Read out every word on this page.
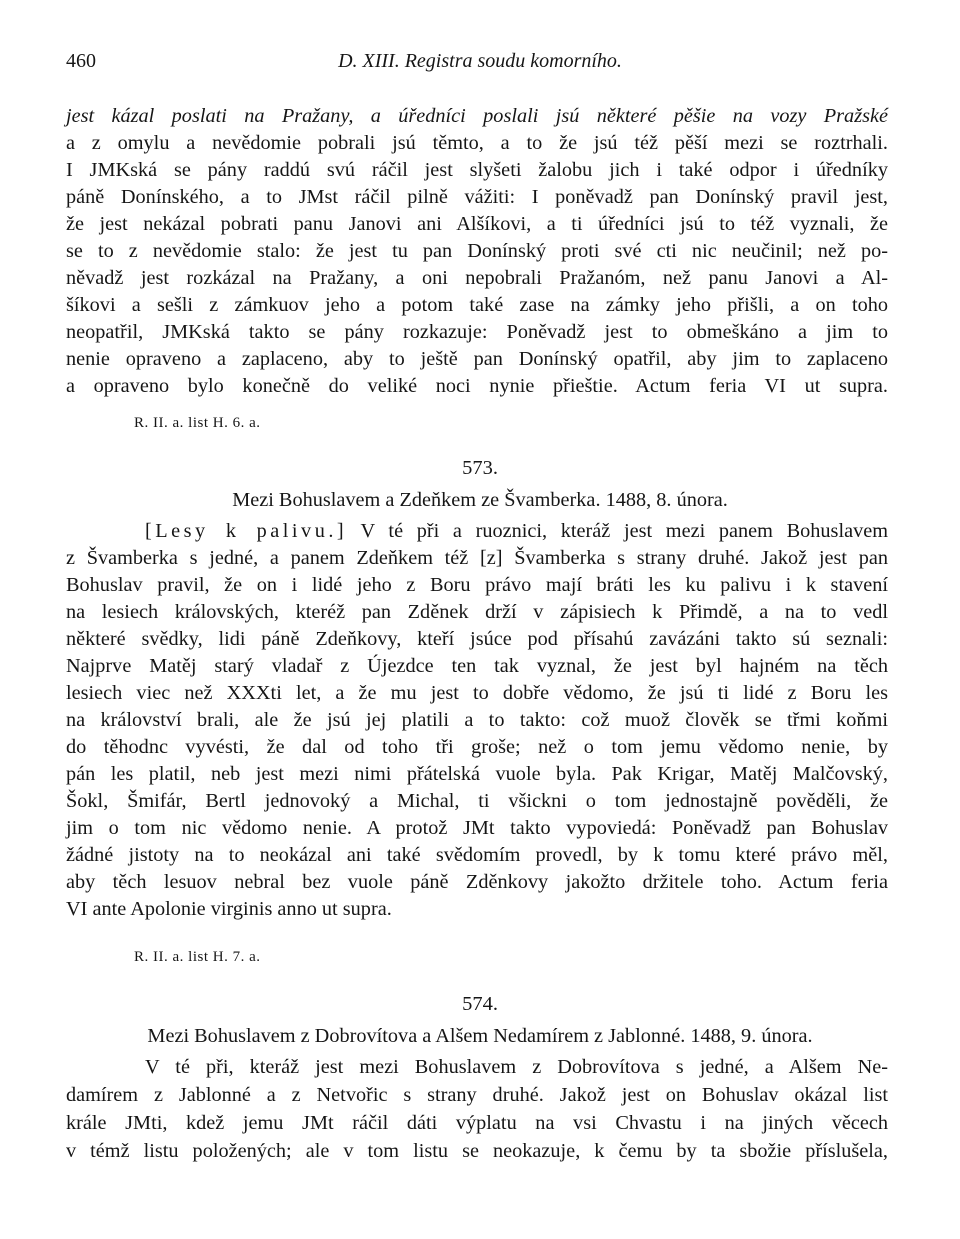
460	D. XIII. Registra soudu komorního.
jest kázal poslati na Pražany, a úředníci poslali jsú některé pěšie na vozy Pražské
a z omylu a nevědomie pobrali jsú těmto, a to že jsú též pěší mezi se roztrhali.
I JMKská se pány raddú svú ráčil jest slyšeti žalobu jich i také odpor i úředníky
páně Donínského, a to JMst ráčil pilně vážiti: I poněvadž pan Donínský pravil jest,
že jest nekázal pobrati panu Janovi ani Alšíkovi, a ti úředníci jsú to též vyznali, že
se to z nevědomie stalo: že jest tu pan Donínský proti své cti nic neučinil; než po-
něvadž jest rozkázal na Pražany, a oni nepobrali Pražanóm, než panu Janovi a Al-
šíkovi a sešli z zámkuov jeho a potom také zase na zámky jeho přišli, a on toho
neopatřil, JMKská takto se pány rozkazuje: Poněvadž jest to obmeškáno a jim to
nenie opraveno a zaplaceno, aby to ještě pan Donínský opatřil, aby jim to zaplaceno
a opraveno bylo konečně do veliké noci nynie přieštie. Actum feria VI ut supra.
R. II. a. list H. 6. a.
573.
Mezi Bohuslavem a Zdeňkem ze Švamberka. 1488, 8. února.
[Lesy k palivu.] V té při a ruoznici, kteráž jest mezi panem Bohuslavem
z Švamberka s jedné, a panem Zdeňkem též [z] Švamberka s strany druhé. Jakož jest pan
Bohuslav pravil, že on i lidé jeho z Boru právo mají bráti les ku palivu i k stavení
na lesiech královských, kteréž pan Zděnek drží v zápisiech k Přimdě, a na to vedl
některé svědky, lidi páně Zdeňkovy, kteří jsúce pod přísahú zavázáni takto sú seznali:
Najprve Matěj starý vladař z Újezdce ten tak vyznal, že jest byl hajném na těch
lesiech viec než XXXti let, a že mu jest to dobře vědomo, že jsú ti lidé z Boru les
na království brali, ale že jsú jej platili a to takto: což muož člověk se třmi koňmi
do těhodnc vyvésti, že dal od toho tři groše; než o tom jemu vědomo nenie, by
pán les platil, neb jest mezi nimi přátelská vuole byla. Pak Krigar, Matěj Malčovský,
Šokl, Šmifár, Bertl jednovoký a Michal, ti všickni o tom jednostajně pověděli, že
jim o tom nic vědomo nenie. A protož JMt takto vypoviedá: Poněvadž pan Bohuslav
žádné jistoty na to neokázal ani také svědomím provedl, by k tomu které právo měl,
aby těch lesuov nebral bez vuole páně Zděnkovy jakožto držitele toho. Actum feria
VI ante Apolonie virginis anno ut supra.
R. II. a. list H. 7. a.
574.
Mezi Bohuslavem z Dobrovítova a Alšem Nedamírem z Jablonné. 1488, 9. února.
V té při, kteráž jest mezi Bohuslavem z Dobrovítova s jedné, a Alšem Ne-
damírem z Jablonné a z Netvořic s strany druhé. Jakož jest on Bohuslav okázal list
krále JMti, kdež jemu JMt ráčil dáti výplatu na vsi Chvastu i na jiných věcech
v témž listu položených; ale v tom listu se neokazuje, k čemu by ta sbožie příslušela,
